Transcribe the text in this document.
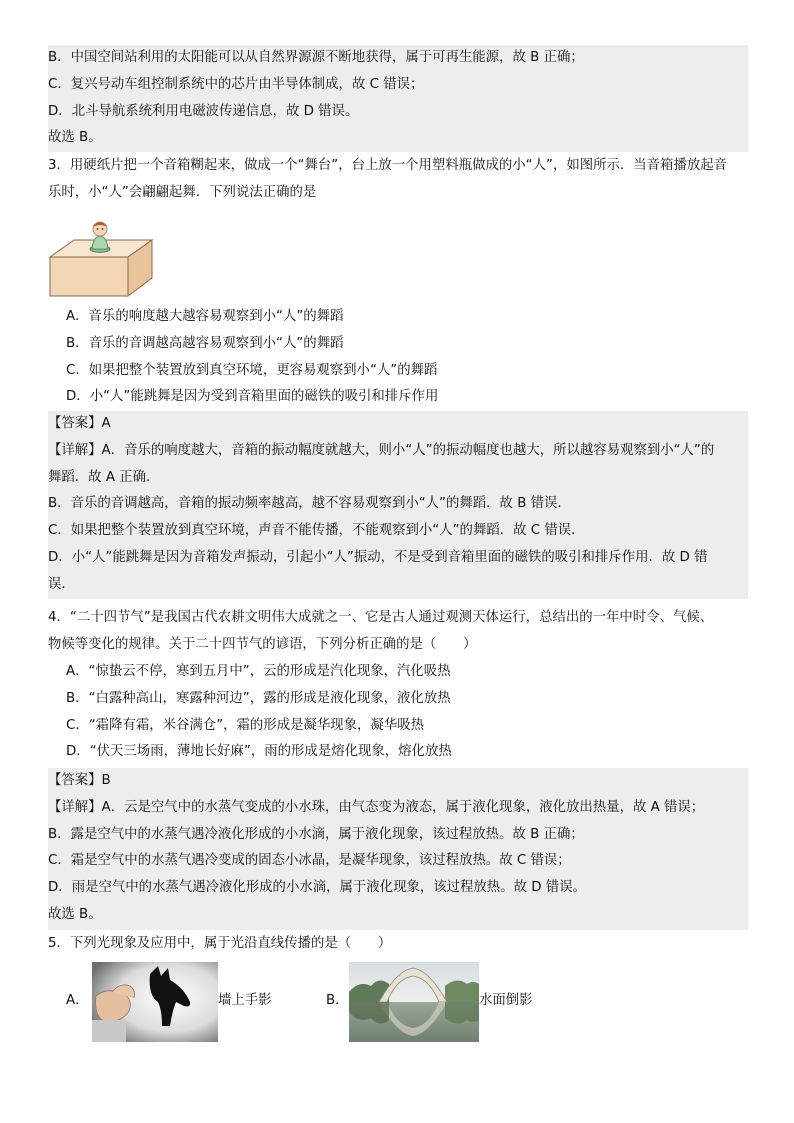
B．中国空间站利用的太阳能可以从自然界源源不断地获得，属于可再生能源，故 B 正确；
C．复兴号动车组控制系统中的芯片由半导体制成，故 C 错误；
D．北斗导航系统利用电磁波传递信息，故 D 错误。
故选 B。
3．用硬纸片把一个音箱糊起来，做成一个“舞台”，台上放一个用塑料瓶做成的小“人”，如图所示．当音箱播放起音
乐时，小“人”会翩翩起舞．下列说法正确的是
A．音乐的响度越大越容易观察到小“人”的舞蹈
B．音乐的音调越高越容易观察到小“人”的舞蹈
C．如果把整个装置放到真空环境，更容易观察到小“人”的舞蹈
D．小“人”能跳舞是因为受到音箱里面的磁铁的吸引和排斥作用
【答案】A
【详解】A．音乐的响度越大，音箱的振动幅度就越大，则小“人”的振动幅度也越大，所以越容易观察到小“人”的
舞蹈．故 A 正确．
B．音乐的音调越高，音箱的振动频率越高，越不容易观察到小“人”的舞蹈．故 B 错误．
C．如果把整个装置放到真空环境，声音不能传播，不能观察到小“人”的舞蹈．故 C 错误．
D．小“人”能跳舞是因为音箱发声振动，引起小“人”振动，不是受到音箱里面的磁铁的吸引和排斥作用．故 D 错
误．
4．“二十四节气”是我国古代农耕文明伟大成就之一、它是古人通过观测天体运行，总结出的一年中时令、气候、
物候等变化的规律。关于二十四节气的谚语，下列分析正确的是（　　）
A．“惊蛰云不停，寒到五月中”，云的形成是汽化现象，汽化吸热
B．“白露种高山，寒露种河边”，露的形成是液化现象，液化放热
C．“霜降有霜，米谷满仓”，霜的形成是凝华现象，凝华吸热
D．“伏天三场雨，薄地长好麻”，雨的形成是熔化现象，熔化放热
【答案】B
【详解】A．云是空气中的水蒸气变成的小水珠，由气态变为液态，属于液化现象，液化放出热量，故 A 错误；
B．露是空气中的水蒸气遇冷液化形成的小水滴，属于液化现象，该过程放热。故 B 正确；
C．霜是空气中的水蒸气遇冷变成的固态小冰晶，是凝华现象，该过程放热。故 C 错误；
D．雨是空气中的水蒸气遇冷液化形成的小水滴，属于液化现象，该过程放热。故 D 错误。
故选 B。
5．下列光现象及应用中，属于光沿直线传播的是（　　）
A．	墙上手影	B．	水面倒影
